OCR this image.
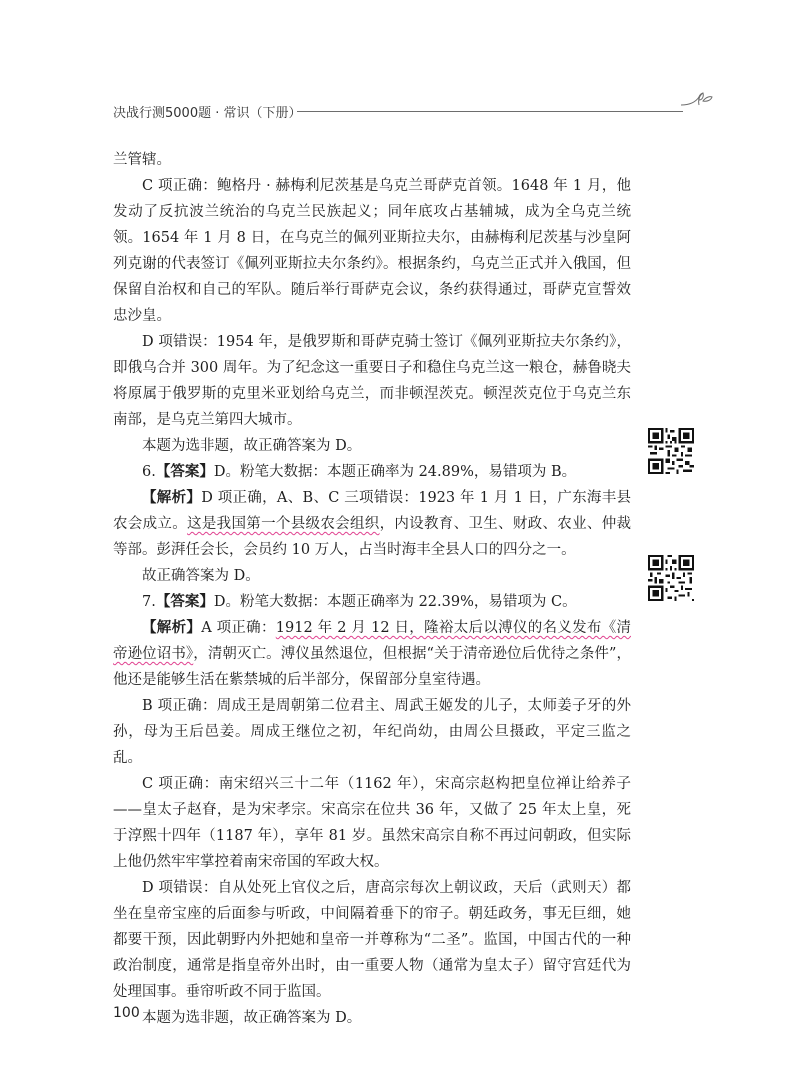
决战行测5000题 · 常识（下册）

兰管辖。

C 项正确：鲍格丹 · 赫梅利尼茨基是乌克兰哥萨克首领。1648 年 1 月，他发动了反抗波兰统治的乌克兰民族起义；同年底攻占基辅城，成为全乌克兰统领。1654 年 1 月 8 日，在乌克兰的佩列亚斯拉夫尔，由赫梅利尼茨基与沙皇阿列克谢的代表签订《佩列亚斯拉夫尔条约》。根据条约，乌克兰正式并入俄国，但保留自治权和自己的军队。随后举行哥萨克会议，条约获得通过，哥萨克宣誓效忠沙皇。

D 项错误：1954 年，是俄罗斯和哥萨克骑士签订《佩列亚斯拉夫尔条约》，即俄乌合并 300 周年。为了纪念这一重要日子和稳住乌克兰这一粮仓，赫鲁晓夫将原属于俄罗斯的克里米亚划给乌克兰，而非顿涅茨克。顿涅茨克位于乌克兰东南部，是乌克兰第四大城市。

本题为选非题，故正确答案为 D。

6.【答案】D。粉笔大数据：本题正确率为 24.89%，易错项为 B。

【解析】D 项正确，A、B、C 三项错误：1923 年 1 月 1 日，广东海丰县农会成立。这是我国第一个县级农会组织，内设教育、卫生、财政、农业、仲裁等部。彭湃任会长，会员约 10 万人，占当时海丰全县人口的四分之一。

故正确答案为 D。

7.【答案】D。粉笔大数据：本题正确率为 22.39%，易错项为 C。

【解析】A 项正确：1912 年 2 月 12 日，隆裕太后以溥仪的名义发布《清帝逊位诏书》，清朝灭亡。溥仪虽然退位，但根据“关于清帝逊位后优待之条件”，他还是能够生活在紫禁城的后半部分，保留部分皇室待遇。

B 项正确：周成王是周朝第二位君主、周武王姬发的儿子，太师姜子牙的外孙，母为王后邑姜。周成王继位之初，年纪尚幼，由周公旦摄政，平定三监之乱。

C 项正确：南宋绍兴三十二年（1162 年），宋高宗赵构把皇位禅让给养子——皇太子赵眘，是为宋孝宗。宋高宗在位共 36 年，又做了 25 年太上皇，死于淳熙十四年（1187 年），享年 81 岁。虽然宋高宗自称不再过问朝政，但实际上他仍然牢牢掌控着南宋帝国的军政大权。

D 项错误：自从处死上官仪之后，唐高宗每次上朝议政，天后（武则天）都坐在皇帝宝座的后面参与听政，中间隔着垂下的帘子。朝廷政务，事无巨细，她都要干预，因此朝野内外把她和皇帝一并尊称为“二圣”。监国，中国古代的一种政治制度，通常是指皇帝外出时，由一重要人物（通常为皇太子）留守宫廷代为处理国事。垂帘听政不同于监国。

本题为选非题，故正确答案为 D。

100
